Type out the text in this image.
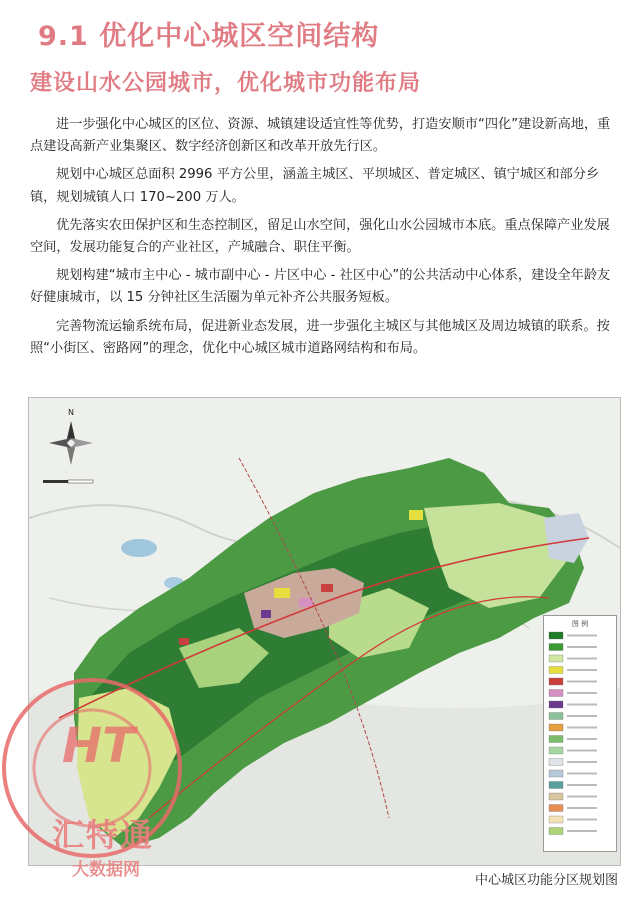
9.1 优化中心城区空间结构
建设山水公园城市，优化城市功能布局

进一步强化中心城区的区位、资源、城镇建设适宜性等优势，打造安顺市“四化”建设新高地，重点建设高新产业集聚区、数字经济创新区和改革开放先行区。

规划中心城区总面积 2996 平方公里，涵盖主城区、平坝城区、普定城区、镇宁城区和部分乡镇，规划城镇人口 170~200 万人。

优先落实农田保护区和生态控制区，留足山水空间，强化山水公园城市本底。重点保障产业发展空间，发展功能复合的产业社区，产城融合、职住平衡。

规划构建“城市主中心 - 城市副中心 - 片区中心 - 社区中心”的公共活动中心体系，建设全年龄友好健康城市，以 15 分钟社区生活圈为单元补齐公共服务短板。

完善物流运输系统布局，促进新业态发展，进一步强化主城区与其他城区及周边城镇的联系。按照“小街区、密路网”的理念，优化中心城区城市道路网结构和布局。

N
图 例
中心城区功能分区规划图
HT
汇特通
大数据网
